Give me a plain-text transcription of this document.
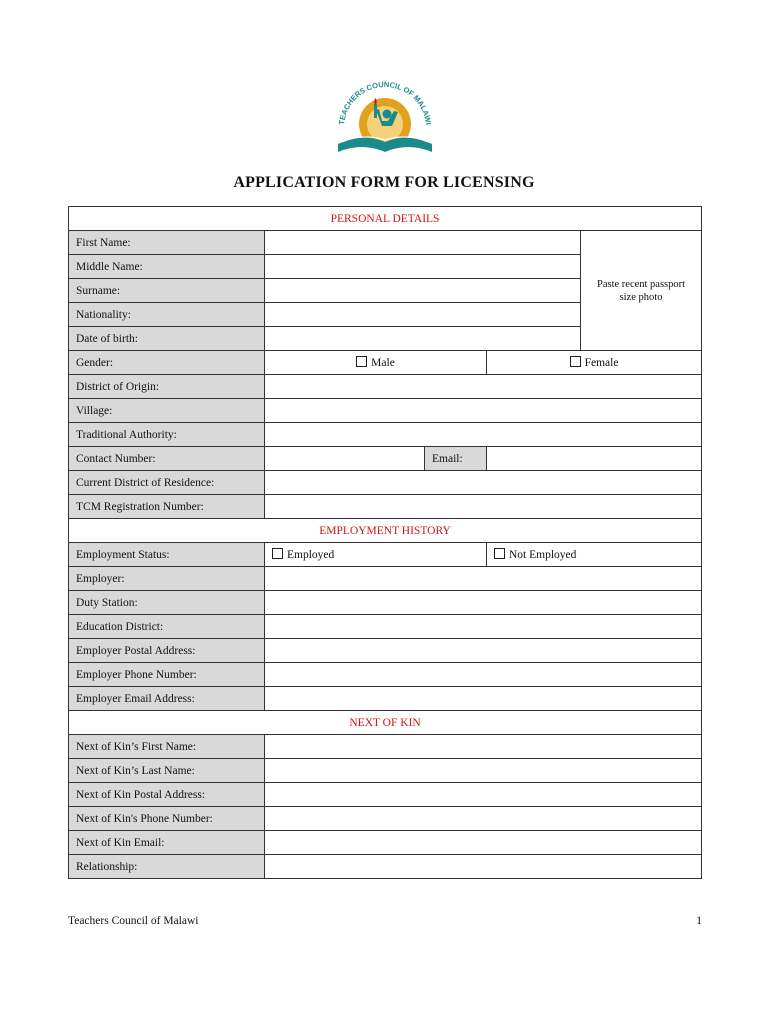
TEACHERS COUNCIL OF MALAWI
APPLICATION FORM FOR LICENSING
PERSONAL DETAILS				
First Name:				Paste recent passport size photo
Middle Name:				
Surname:				
Nationality:				
Date of birth:				
Gender:	Male		Female	
District of Origin:				
Village:				
Traditional Authority:				
Contact Number:		Email:		
Current District of Residence:				
TCM Registration Number:				
EMPLOYMENT HISTORY				
Employment Status:	Employed		Not Employed	
Employer:				
Duty Station:				
Education District:				
Employer Postal Address:				
Employer Phone Number:				
Employer Email Address:				
NEXT OF KIN				
Next of Kin’s First Name:				
Next of Kin’s Last Name:				
Next of Kin Postal Address:				
Next of Kin's Phone Number:				
Next of Kin Email:				
Relationship:				
Teachers Council of Malawi	1
